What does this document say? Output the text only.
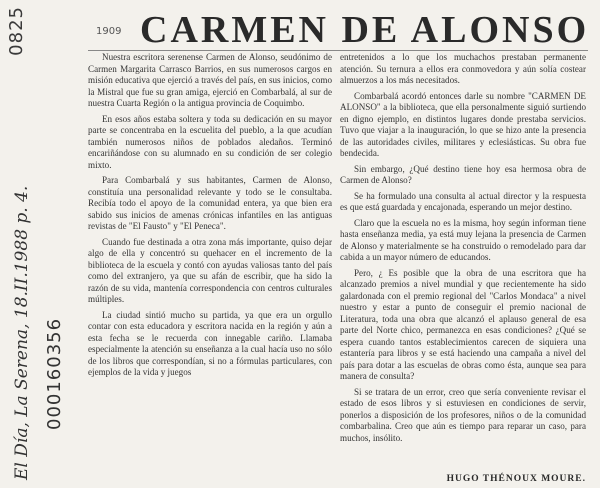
0825	1909
El Día, La Serena, 18.II.1988 p. 4. 000160356
CARMEN DE ALONSO

Nuestra escritora serenense Carmen de Alonso, seudónimo de Carmen Margarita Carrasco Barrios, en sus numerosos cargos en misión educativa que ejerció a través del país, en sus inicios, como la Mistral que fue su gran amiga, ejerció en Combarbalá, al sur de nuestra Cuarta Región o la antigua provincia de Coquimbo.

En esos años estaba soltera y toda su dedicación en su mayor parte se concentraba en la escuelita del pueblo, a la que acudían también numerosos niños de poblados aledaños. Terminó encariñándose con su alumnado en su condición de ser colegio mixto.

Para Combarbalá y sus habitantes, Carmen de Alonso, constituía una personalidad relevante y todo se le consultaba. Recibía todo el apoyo de la comunidad entera, ya que bien era sabido sus inicios de amenas crónicas infantiles en las antiguas revistas de "El Fausto" y "El Peneca".

Cuando fue destinada a otra zona más importante, quiso dejar algo de ella y concentró su quehacer en el incremento de la biblioteca de la escuela y contó con ayudas valiosas tanto del país como del extranjero, ya que su afán de escribir, que ha sido la razón de su vida, mantenía correspondencia con centros culturales múltiples.

La ciudad sintió mucho su partida, ya que era un orgullo contar con esta educadora y escritora nacida en la región y aún a esta fecha se le recuerda con innegable cariño. Llamaba especialmente la atención su enseñanza a la cual hacía uso no sólo de los libros que correspondían, si no a fórmulas particulares, con ejemplos de la vida y juegos

entretenidos a lo que los muchachos prestaban permanente atención. Su ternura a ellos era conmovedora y aún solía costear almuerzos a los más necesitados.

Combarbalá acordó entonces darle su nombre "CARMEN DE ALONSO" a la biblioteca, que ella personalmente siguió surtiendo en digno ejemplo, en distintos lugares donde prestaba servicios. Tuvo que viajar a la inauguración, lo que se hizo ante la presencia de las autoridades civiles, militares y eclesiásticas. Su obra fue bendecida.

Sin embargo, ¿Qué destino tiene hoy esa hermosa obra de Carmen de Alonso?

Se ha formulado una consulta al actual director y la respuesta es que está guardada y encajonada, esperando un mejor destino.

Claro que la escuela no es la misma, hoy según informan tiene hasta enseñanza media, ya está muy lejana la presencia de Carmen de Alonso y materialmente se ha construido o remodelado para dar cabida a un mayor número de educandos.

Pero, ¿ Es posible que la obra de una escritora que ha alcanzado premios a nivel mundial y que recientemente ha sido galardonada con el premio regional del "Carlos Mondaca" a nivel nuestro y estar a punto de conseguir el premio nacional de Literatura, toda una obra que alcanzó el aplauso general de esa parte del Norte chico, permanezca en esas condiciones? ¿Qué se espera cuando tantos establecimientos carecen de siquiera una estantería para libros y se está haciendo una campaña a nivel del país para dotar a las escuelas de obras como ésta, aunque sea para manera de consulta?

Si se tratara de un error, creo que sería conveniente revisar el estado de esos libros y si estuviesen en condiciones de servir, ponerlos a disposición de los profesores, niños o de la comunidad combarbalina. Creo que aún es tiempo para reparar un caso, para muchos, insólito.

HUGO THÉNOUX MOURE.
